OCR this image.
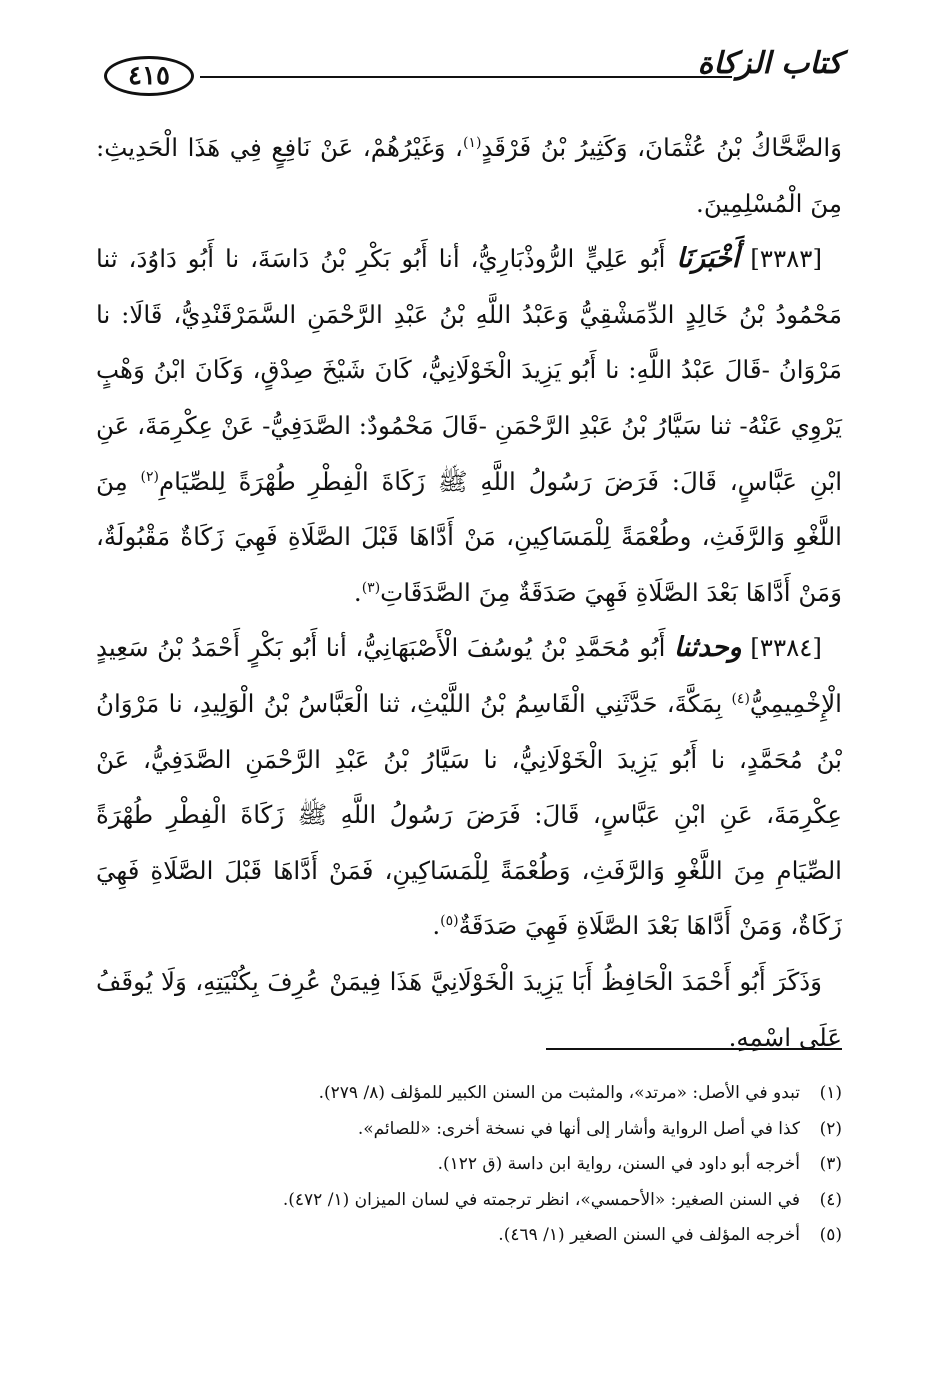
٤١٥	كتاب الزكاة

وَالضَّحَّاكُ بْنُ عُثْمَانَ، وَكَثِيرُ بْنُ فَرْقَدٍ$^{(١)}$، وَغَيْرُهُمْ، عَنْ نَافِعٍ فِي هَذَا الْحَدِيثِ: مِنَ الْمُسْلِمِينَ.

[٣٣٨٣] أَخْبَرَنَا أَبُو عَلِيٍّ الرُّوذْبَارِيُّ، أنا أَبُو بَكْرِ بْنُ دَاسَةَ، نا أَبُو دَاوُدَ، ثنا مَحْمُودُ بْنُ خَالِدٍ الدِّمَشْقِيُّ وَعَبْدُ اللَّهِ بْنُ عَبْدِ الرَّحْمَنِ السَّمَرْقَنْدِيُّ، قَالَا: نا مَرْوَانُ -قَالَ عَبْدُ اللَّهِ: نا أَبُو يَزِيدَ الْخَوْلَانِيُّ، كَانَ شَيْخَ صِدْقٍ، وَكَانَ ابْنُ وَهْبٍ يَرْوِي عَنْهُ- ثنا سَيَّارُ بْنُ عَبْدِ الرَّحْمَنِ -قَالَ مَحْمُودٌ: الصَّدَفِيُّ- عَنْ عِكْرِمَةَ، عَنِ ابْنِ عَبَّاسٍ، قَالَ: فَرَضَ رَسُولُ اللَّهِ ﷺ زَكَاةَ الْفِطْرِ طُهْرَةً لِلصِّيَامِ$^{(٢)}$ مِنَ اللَّغْوِ وَالرَّفَثِ، وطُعْمَةً لِلْمَسَاكِينِ، مَنْ أَدَّاهَا قَبْلَ الصَّلَاةِ فَهِيَ زَكَاةٌ مَقْبُولَةٌ، وَمَنْ أَدَّاهَا بَعْدَ الصَّلَاةِ فَهِيَ صَدَقَةٌ مِنَ الصَّدَقَاتِ$^{(٣)}$.

[٣٣٨٤] وحدثنا أَبُو مُحَمَّدِ بْنُ يُوسُفَ الْأَصْبَهَانِيُّ، أنا أَبُو بَكْرٍ أَحْمَدُ بْنُ سَعِيدٍ الْإِخْمِيمِيُّ$^{(٤)}$ بِمَكَّةَ، حَدَّثَنِي الْقَاسِمُ بْنُ اللَّيْثِ، ثنا الْعَبَّاسُ بْنُ الْوَلِيدِ، نا مَرْوَانُ بْنُ مُحَمَّدٍ، نا أَبُو يَزِيدَ الْخَوْلَانِيُّ، نا سَيَّارُ بْنُ عَبْدِ الرَّحْمَنِ الصَّدَفِيُّ، عَنْ عِكْرِمَةَ، عَنِ ابْنِ عَبَّاسٍ، قَالَ: فَرَضَ رَسُولُ اللَّهِ ﷺ زَكَاةَ الْفِطْرِ طُهْرَةً الصِّيَامِ مِنَ اللَّغْوِ وَالرَّفَثِ، وَطُعْمَةً لِلْمَسَاكِينِ، فَمَنْ أَدَّاهَا قَبْلَ الصَّلَاةِ فَهِيَ زَكَاةٌ، وَمَنْ أَدَّاهَا بَعْدَ الصَّلَاةِ فَهِيَ صَدَقَةٌ$^{(٥)}$.

وَذَكَرَ أَبُو أَحْمَدَ الْحَافِظُ أَبَا يَزِيدَ الْخَوْلَانِيَّ هَذَا فِيمَنْ عُرِفَ بِكُنْيَتِهِ، وَلَا يُوقَفُ عَلَى اسْمِهِ.

(١)
تبدو في الأصل: «مرتد»، والمثبت من السنن الكبير للمؤلف (٨/ ٢٧٩).
(٢)
كذا في أصل الرواية وأشار إلى أنها في نسخة أخرى: «للصائم».
(٣)
أخرجه أبو داود في السنن، رواية ابن داسة (ق ١٢٢).
(٤)
في السنن الصغير: «الأحمسي»، انظر ترجمته في لسان الميزان (١/ ٤٧٢).
(٥)
أخرجه المؤلف في السنن الصغير (١/ ٤٦٩).
